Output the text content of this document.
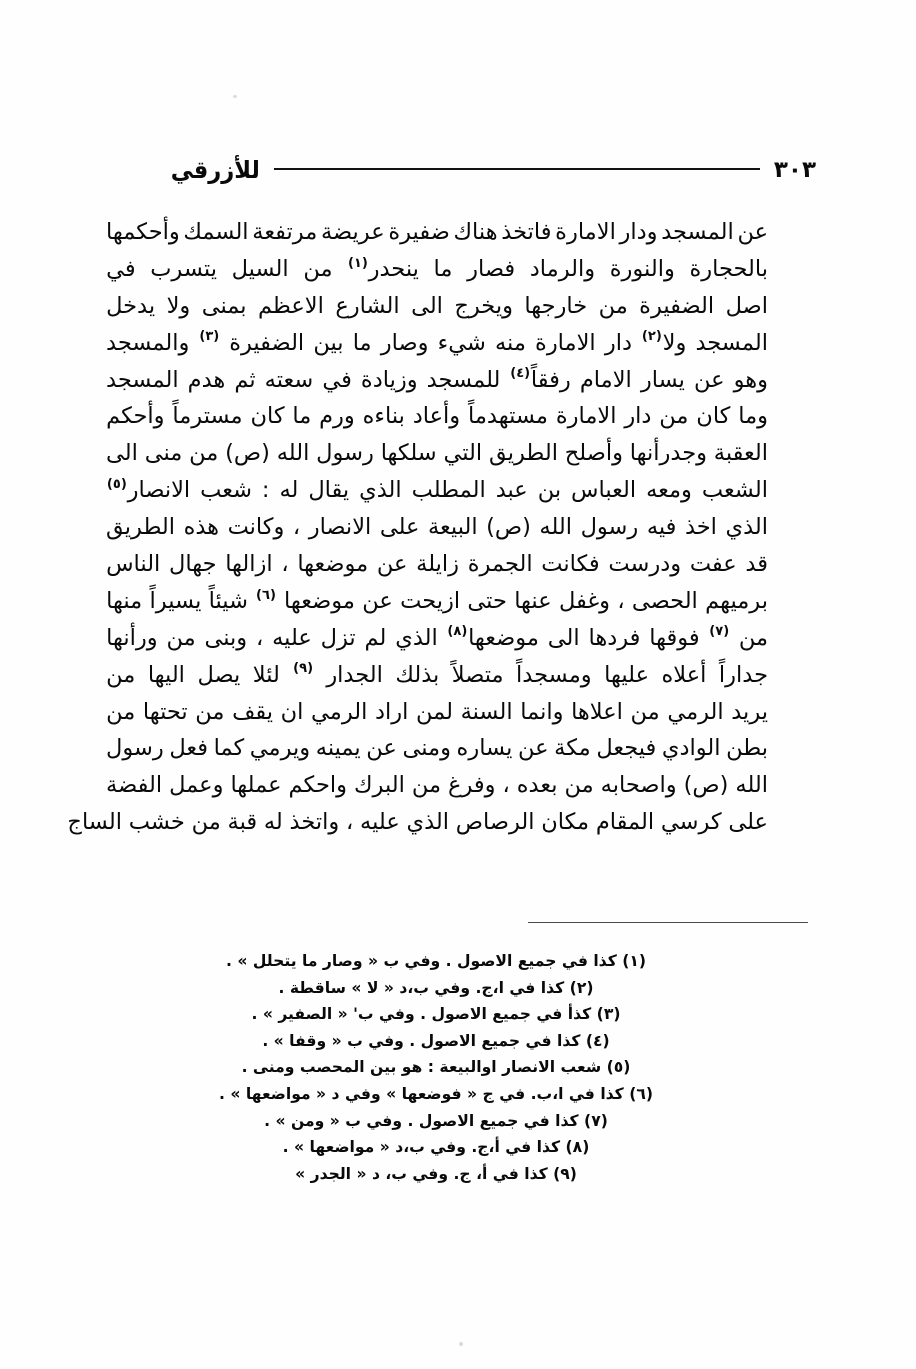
للأزرقي	٣٠٣
عن
المسجد
ودار
الامارة
فاتخذ
هناك
ضفيرة
عريضة
مرتفعة
السمك
وأحكمها
بالحجارة
والنورة
والرماد
فصار
ما
ينحدر$^{(١)}$
من
السيل
يتسرب
في
اصل
الضفيرة
من
خارجها
ويخرج
الى
الشارع
الاعظم
بمنى
ولا
يدخل
المسجد
ولا$^{(٢)}$
دار
الامارة
منه
شيء
وصار
ما
بين
الضفيرة
$^{(٣)}$
والمسجد
وهو
عن
يسار
الامام
رفقاً$^{(٤)}$
للمسجد
وزيادة
في
سعته
ثم
هدم
المسجد
وما
كان
من
دار
الامارة
مستهدماً
وأعاد
بناءه
ورم
ما
كان
مسترماً
وأحكم
العقبة
وجدرأنها
وأصلح
الطريق
التي
سلكها
رسول
الله
(ص)
من
منى
الى
الشعب
ومعه
العباس
بن
عبد
المطلب
الذي
يقال
له
:
شعب
الانصار$^{(٥)}$
الذي
اخذ
فيه
رسول
الله
(ص)
البيعة
على
الانصار
،
وكانت
هذه
الطريق
قد
عفت
ودرست
فكانت
الجمرة
زايلة
عن
موضعها
،
ازالها
جهال
الناس
برميهم
الحصى
،
وغفل
عنها
حتى
ازيحت
عن
موضعها
$^{(٦)}$
شيئاً
يسيراً
منها
من
$^{(٧)}$
فوقها
فردها
الى
موضعها$^{(٨)}$
الذي
لم
تزل
عليه
،
وبنى
من
ورأنها
جداراً
أعلاه
عليها
ومسجداً
متصلاً
بذلك
الجدار
$^{(٩)}$
لئلا
يصل
اليها
من
يريد
الرمي
من
اعلاها
وانما
السنة
لمن
اراد
الرمي
ان
يقف
من
تحتها
من
بطن
الوادي
فيجعل
مكة
عن
يساره
ومنى
عن
يمينه
ويرمي
كما
فعل
رسول
الله
(ص)
واصحابه
من
بعده
،
وفرغ
من
البرك
واحكم
عملها
وعمل
الفضة
على
كرسي
المقام
مكان
الرصاص
الذي
عليه
،
واتخذ
له
قبة
من
خشب
الساج
(١)كذا في جميع الاصول . وفي ب « وصار ما يتحلل » .
(٢)كذا في ا،ج. وفي ب،د « لا » ساقطة .
(٣)كذأ في جميع الاصول . وفي ب' « الصفير » .
(٤)كذا في جميع الاصول . وفي ب « وقفا » .
(٥)شعب الانصار اوالبيعة : هو بين المحصب ومنى .
(٦)كذا في ا،ب. في ج « فوضعها » وفي د « مواضعها » .
(٧)كذا في جميع الاصول . وفي ب « ومن » .
(٨)كذا في أ،ج. وفي ب،د « مواضعها » .
(٩)كذا في أ، ج. وفي ب، د « الجدر »
